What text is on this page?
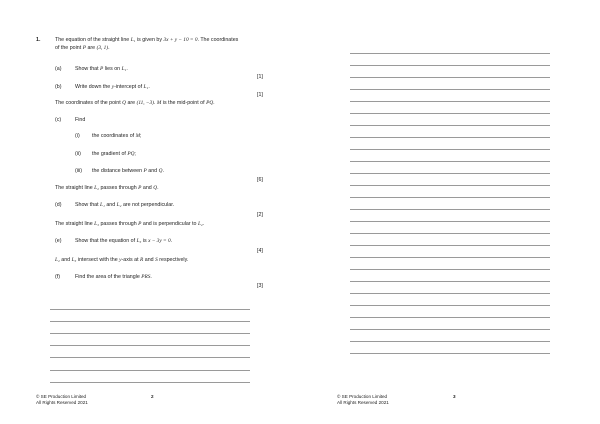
1.	The equation of the straight line L₁ is given by 3x + y − 10 = 0. The coordinates
of the point P are (3, 1).
(a)	Show that P lies on L₁.
[1]
(b)	Write down the y-intercept of L₁.
[1]
The coordinates of the point Q are (11, −3). M is the mid-point of PQ.
(c)	Find
(i) the coordinates of M;
(ii) the gradient of PQ;
(iii) the distance between P and Q.
[6]
The straight line L₂ passes through P and Q.
(d)	Show that L₁ and L₂ are not perpendicular.
[2]
The straight line L₃ passes through P and is perpendicular to L₂.
(e)	Show that the equation of L₃ is x − 3y = 0.
[4]
L₂ and L₃ intersect with the y-axis at R and S respectively.
(f)	Find the area of the triangle PRS.
[3]
© SE Production Limited
All Rights Reserved 2021
2	© SE Production Limited
All Rights Reserved 2021
3
